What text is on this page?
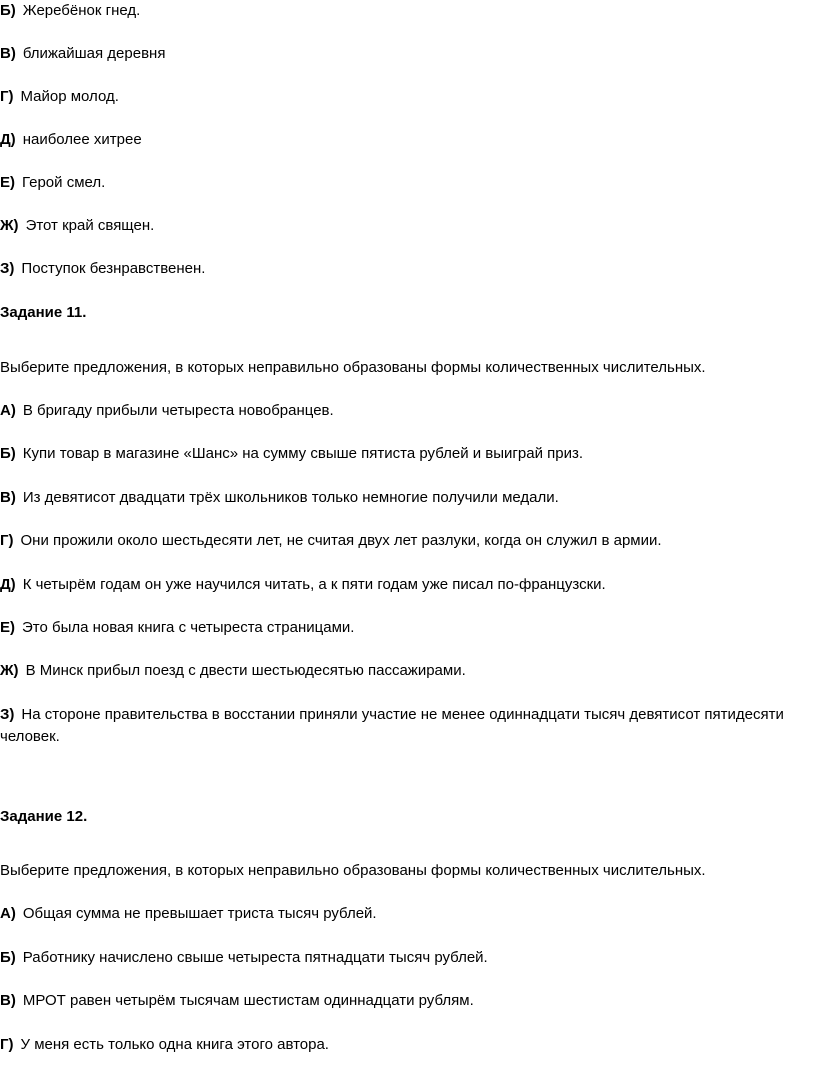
Б) Жеребёнок гнед.
В) ближайшая деревня
Г) Майор молод.
Д) наиболее хитрее
Е) Герой смел.
Ж) Этот край священ.
З) Поступок безнравственен.
Задание 11.
Выберите предложения, в которых неправильно образованы формы количественных числительных.
А) В бригаду прибыли четыреста новобранцев.
Б) Купи товар в магазине «Шанс» на сумму свыше пятиста рублей и выиграй приз.
В) Из девятисот двадцати трёх школьников только немногие получили медали.
Г) Они прожили около шестьдесяти лет, не считая двух лет разлуки, когда он служил в армии.
Д) К четырём годам он уже научился читать, а к пяти годам уже писал по-французски.
Е) Это была новая книга с четыреста страницами.
Ж) В Минск прибыл поезд с двести шестьюдесятью пассажирами.
З) На стороне правительства в восстании приняли участие не менее одиннадцати тысяч девятисот пятидесяти человек.
Задание 12.
Выберите предложения, в которых неправильно образованы формы количественных числительных.
А) Общая сумма не превышает триста тысяч рублей.
Б) Работнику начислено свыше четыреста пятнадцати тысяч рублей.
В) МРОТ равен четырём тысячам шестистам одиннадцати рублям.
Г) У меня есть только одна книга этого автора.
